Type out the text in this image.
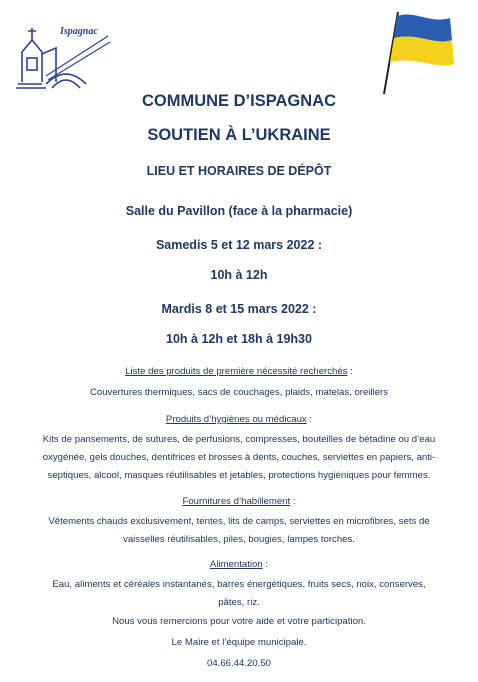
Ispagnac
COMMUNE D’ISPAGNAC
SOUTIEN À L’UKRAINE
LIEU ET HORAIRES DE DÉPÔT
Salle du Pavillon (face à la pharmacie)
Samedis 5 et 12 mars 2022 :
10h à 12h
Mardis 8 et 15 mars 2022 :
10h à 12h et 18h à 19h30
Liste des produits de première nécessité recherchés :
Couvertures thermiques, sacs de couchages, plaids, matelas, oreillers
Produits d’hygiènes ou médicaux :
Kits de pansements, de sutures, de perfusions, compresses, bouteilles de bétadine ou d’eau
oxygénée, gels douches, dentifrices et brosses à dents, couches, serviettes en papiers, anti-
septiques, alcool, masques réutilisables et jetables, protections hygiéniques pour femmes.
Fournitures d’habillement :
Vêtements chauds exclusivement, tentes, lits de camps, serviettes en microfibres, sets de
vaisselles réutilisables, piles, bougies, lampes torches.
Alimentation :
Eau, aliments et céréales instantanés, barres énergétiques, fruits secs, noix, conserves,
pâtes, riz.
Nous vous remercions pour votre aide et votre participation.
Le Maire et l’équipe municipale.
04.66.44.20.50
